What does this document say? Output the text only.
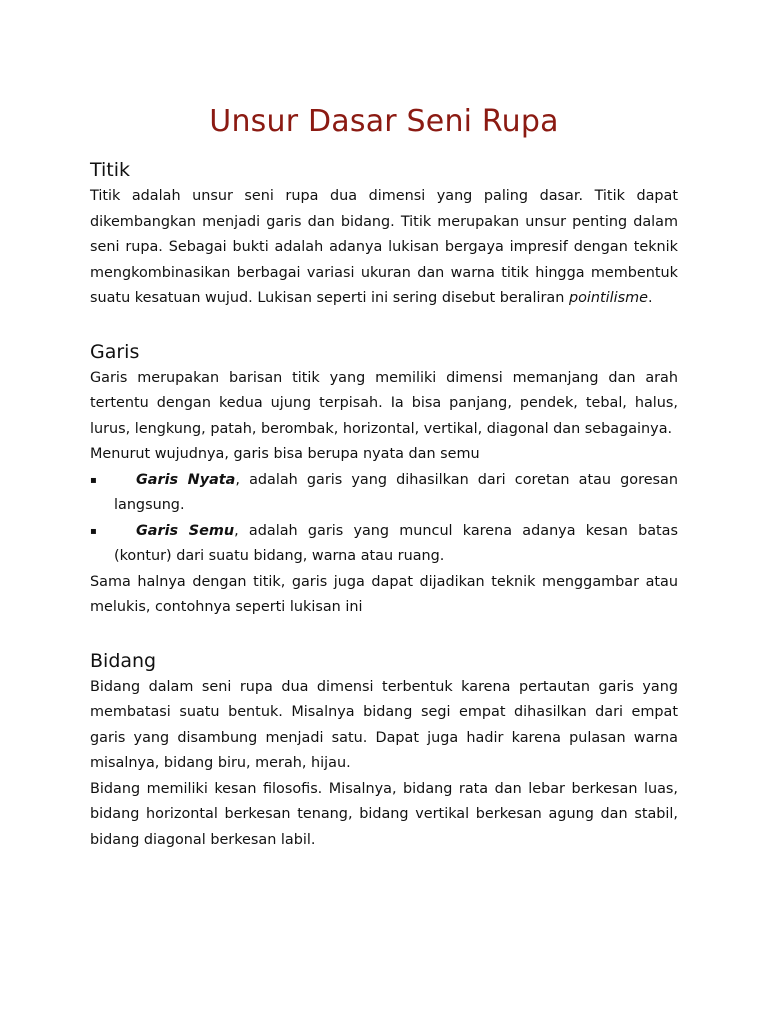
Unsur Dasar Seni Rupa
Titik

Titik adalah unsur seni rupa dua dimensi yang paling dasar. Titik dapat dikembangkan menjadi garis dan bidang. Titik merupakan unsur penting dalam seni rupa. Sebagai bukti adalah adanya lukisan bergaya impresif dengan teknik mengkombinasikan berbagai variasi ukuran dan warna titik hingga membentuk suatu kesatuan wujud. Lukisan seperti ini sering disebut beraliran pointilisme.

Garis

Garis merupakan barisan titik yang memiliki dimensi memanjang dan arah tertentu dengan kedua ujung terpisah. Ia bisa panjang, pendek, tebal, halus, lurus, lengkung, patah, berombak, horizontal, vertikal, diagonal dan sebagainya.

Menurut wujudnya, garis bisa berupa nyata dan semu

▪	Garis Nyata, adalah garis yang dihasilkan dari coretan atau goresan langsung.
▪	Garis Semu, adalah garis yang muncul karena adanya kesan batas (kontur) dari suatu bidang, warna atau ruang.

Sama halnya dengan titik, garis juga dapat dijadikan teknik menggambar atau melukis, contohnya seperti lukisan ini

Bidang

Bidang dalam seni rupa dua dimensi terbentuk karena pertautan garis yang membatasi suatu bentuk. Misalnya bidang segi empat dihasilkan dari empat garis yang disambung menjadi satu. Dapat juga hadir karena pulasan warna misalnya, bidang biru, merah, hijau.

Bidang memiliki kesan filosofis. Misalnya, bidang rata dan lebar berkesan luas, bidang horizontal berkesan tenang, bidang vertikal berkesan agung dan stabil, bidang diagonal berkesan labil.
